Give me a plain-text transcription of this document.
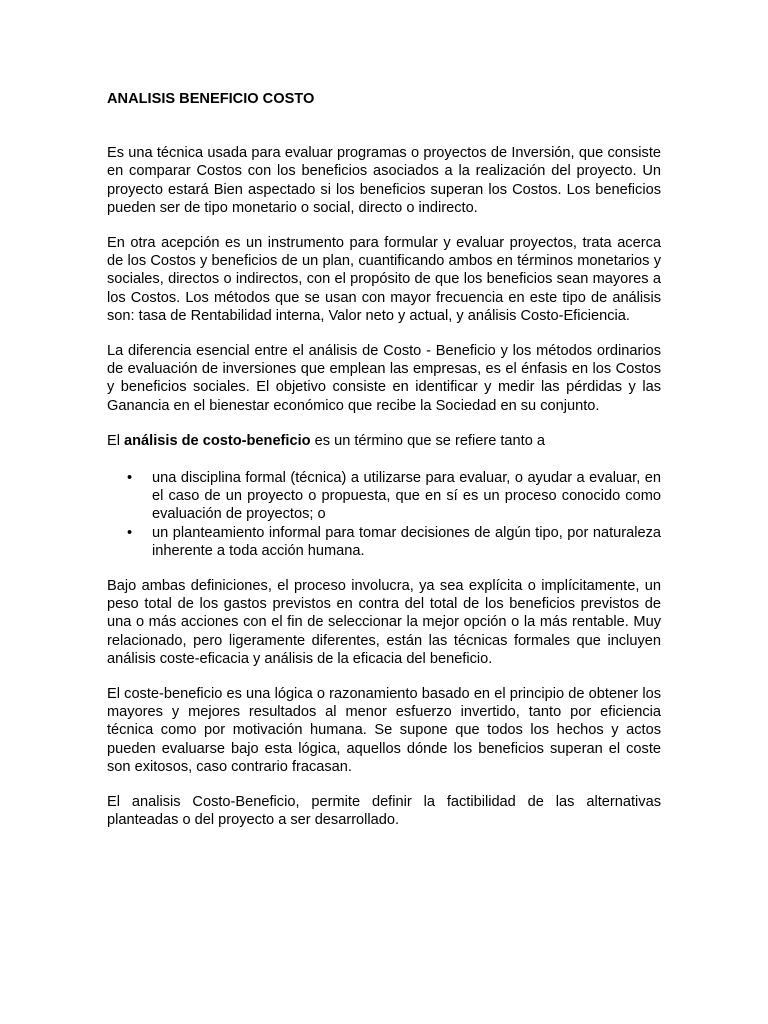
ANALISIS BENEFICIO COSTO

Es una técnica usada para evaluar programas o proyectos de Inversión, que consiste en comparar Costos con los beneficios asociados a la realización del proyecto. Un proyecto estará Bien aspectado si los beneficios superan los Costos. Los beneficios pueden ser de tipo monetario o social, directo o indirecto.

En otra acepción es un instrumento para formular y evaluar proyectos, trata acerca de los Costos y beneficios de un plan, cuantificando ambos en términos monetarios y sociales, directos o indirectos, con el propósito de que los beneficios sean mayores a los Costos. Los métodos que se usan con mayor frecuencia en este tipo de análisis son: tasa de Rentabilidad interna, Valor neto y actual, y análisis Costo-Eficiencia.

La diferencia esencial entre el análisis de Costo - Beneficio y los métodos ordinarios de evaluación de inversiones que emplean las empresas, es el énfasis en los Costos y beneficios sociales. El objetivo consiste en identificar y medir las pérdidas y las Ganancia en el bienestar económico que recibe la Sociedad en su conjunto.

El análisis de costo-beneficio es un término que se refiere tanto a

• una disciplina formal (técnica) a utilizarse para evaluar, o ayudar a evaluar, en el caso de un proyecto o propuesta, que en sí es un proceso conocido como evaluación de proyectos; o
• un planteamiento informal para tomar decisiones de algún tipo, por naturaleza inherente a toda acción humana.

Bajo ambas definiciones, el proceso involucra, ya sea explícita o implícitamente, un peso total de los gastos previstos en contra del total de los beneficios previstos de una o más acciones con el fin de seleccionar la mejor opción o la más rentable. Muy relacionado, pero ligeramente diferentes, están las técnicas formales que incluyen análisis coste-eficacia y análisis de la eficacia del beneficio.

El coste-beneficio es una lógica o razonamiento basado en el principio de obtener los mayores y mejores resultados al menor esfuerzo invertido, tanto por eficiencia técnica como por motivación humana. Se supone que todos los hechos y actos pueden evaluarse bajo esta lógica, aquellos dónde los beneficios superan el coste son exitosos, caso contrario fracasan.

El analisis Costo-Beneficio, permite definir la factibilidad de las alternativas planteadas o del proyecto a ser desarrollado.
